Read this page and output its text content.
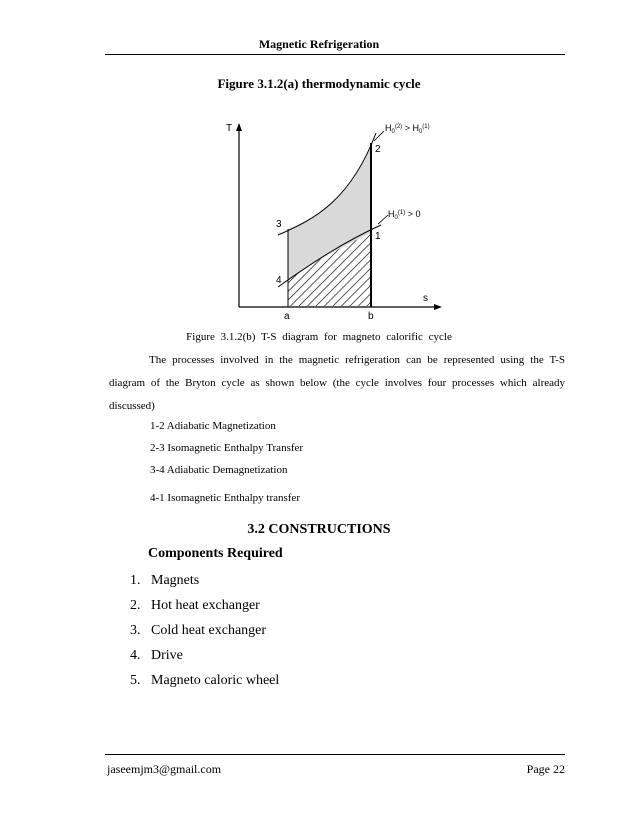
Magnetic Refrigeration
Figure 3.1.2(a) thermodynamic cycle
T
s
2
1
3
4
a	b
$H_0^{(2)} > H_0^{(1)}$
$H_0^{(1)} > 0$
Figure 3.1.2(b) T-S diagram for magneto calorific cycle
The processes involved in the magnetic refrigeration can be represented using the T-S diagram of the Bryton cycle as shown below (the cycle involves four processes which already discussed)
1-2 Adiabatic Magnetization
2-3 Isomagnetic Enthalpy Transfer
3-4 Adiabatic Demagnetization
4-1 Isomagnetic Enthalpy transfer
3.2 CONSTRUCTIONS
Components Required
1. Magnets
2. Hot heat exchanger
3. Cold heat exchanger
4. Drive
5. Magneto caloric wheel
jaseemjm3@gmail.com	Page 22
